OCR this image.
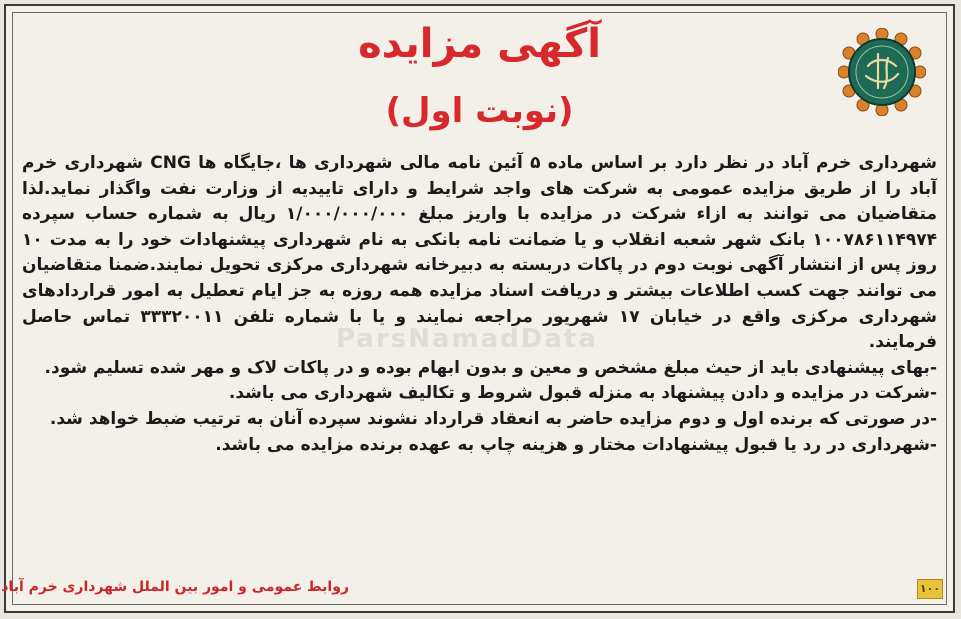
آگهی مزایده
(نوبت اول)
ParsNamadData

شهرداری خرم آباد در نظر دارد بر اساس ماده ۵ آئین نامه مالی شهرداری ها ،جایگاه ها CNG شهرداری خرم آباد را از طریق مزایده عمومی به شرکت های واجد شرایط و دارای تاییدیه از وزارت نفت واگذار نماید.لذا متقاضیان می توانند به ازاء شرکت در مزایده با واریز مبلغ ۱/۰۰۰/۰۰۰/۰۰۰ ریال به شماره حساب سپرده ۱۰۰۷۸۶۱۱۴۹۷۴ بانک شهر شعبه انقلاب و یا ضمانت نامه بانکی به نام شهرداری پیشنهادات خود را به مدت ۱۰ روز پس از انتشار آگهی نوبت دوم در پاکات دربسته به دبیرخانه شهرداری مرکزی تحویل نمایند.ضمنا متقاضیان می توانند جهت کسب اطلاعات بیشتر و دریافت اسناد مزایده همه روزه به جز ایام تعطیل به امور قراردادهای شهرداری مرکزی واقع در خیابان ۱۷ شهریور مراجعه نمایند و یا با شماره تلفن ۳۳۳۲۰۰۱۱ تماس حاصل فرمایند.

-بهای پیشنهادی باید از حیث مبلغ مشخص و معین و بدون ابهام بوده و در پاکات لاک و مهر شده تسلیم شود.

-شرکت در مزایده و دادن پیشنهاد به منزله قبول شروط و تکالیف شهرداری می باشد.

-در صورتی که برنده اول و دوم مزایده حاضر به انعقاد قرارداد نشوند سپرده آنان به ترتیب ضبط خواهد شد.

-شهرداری در رد یا قبول پیشنهادات مختار و هزینه چاپ به عهده برنده مزایده می باشد.

۱۰۰
روابط عمومی و امور بین الملل شهرداری خرم آباد
